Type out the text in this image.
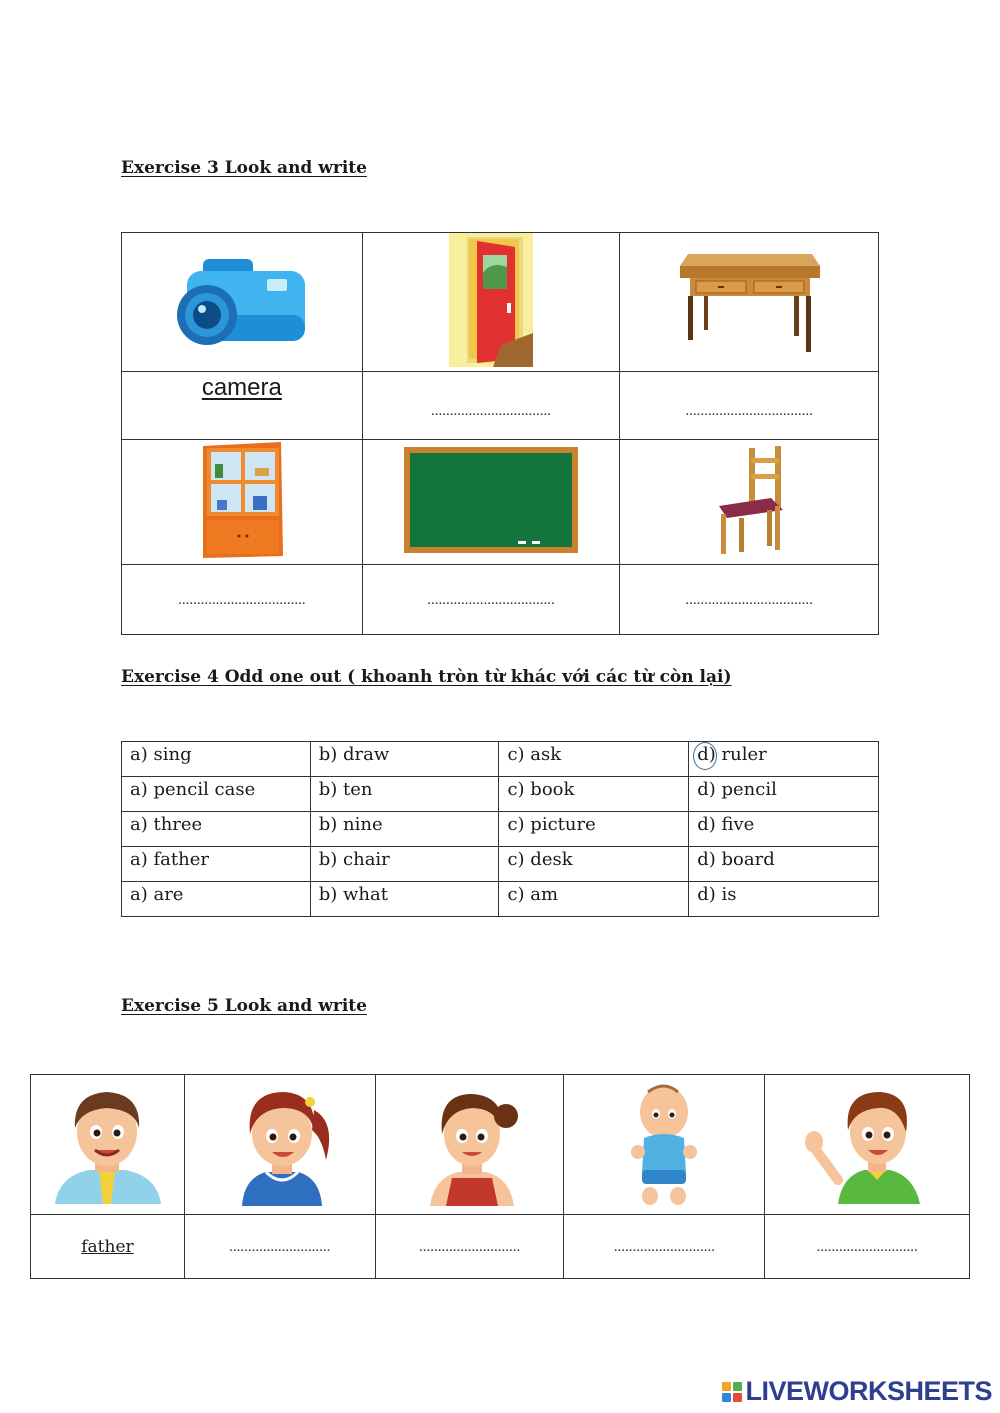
Exercise 3 Look and write

camera	................................	..................................

..................................	..................................	..................................
Exercise 4 Odd one out ( khoanh tròn từ khác với các từ còn lại)
a) sing	b) draw	c) ask	d) ruler
a) pencil case	b) ten	c) book	d) pencil
a) three	b) nine	c) picture	d) five
a) father	b) chair	c) desk	d) board
a) are	b) what	c) am	d) is
Exercise 5 Look and write

father	...........................	...........................	...........................	...........................
LIVEWORKSHEETS
